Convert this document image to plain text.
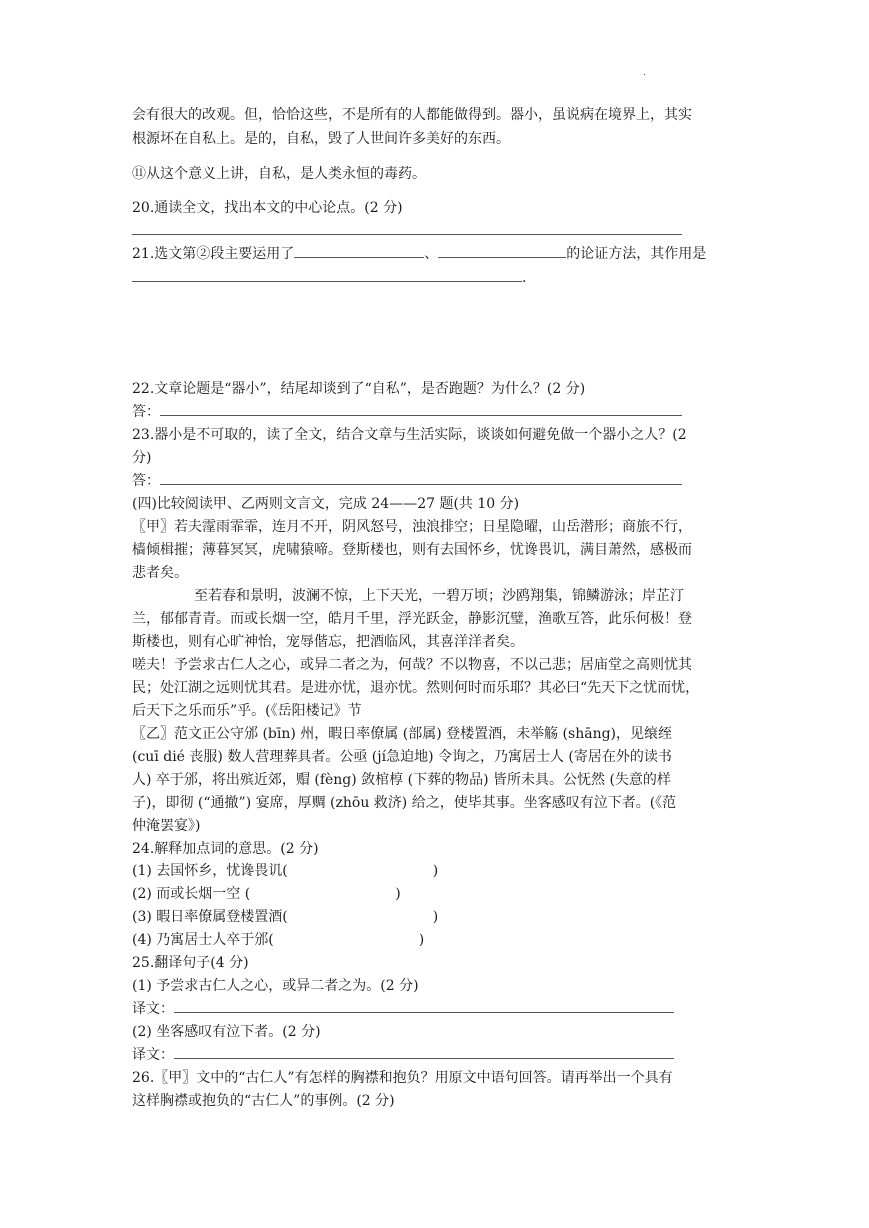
.
会有很大的改观。但，恰恰这些，不是所有的人都能做得到。器小，虽说病在境界上，其实
根源坏在自私上。是的，自私，毁了人世间许多美好的东西。
⑪从这个意义上讲，自私，是人类永恒的毒药。
20.通读全文，找出本文的中心论点。(2 分)
21.选文第②段主要运用了	、	的论证方法，其作用是
.
22.文章论题是“器小”，结尾却谈到了“自私”，是否跑题？为什么？(2 分)
答：
23.器小是不可取的，读了全文，结合文章与生活实际，谈谈如何避免做一个器小之人？(2
分)
答：
(四)比较阅读甲、乙两则文言文，完成 24——27 题(共 10 分)
〖甲〗若夫霪雨霏霏，连月不开，阴风怒号，浊浪排空；日星隐曜，山岳潜形；商旅不行，
樯倾楫摧；薄暮冥冥，虎啸猿啼。登斯楼也，则有去国怀乡，忧谗畏讥，满目萧然，感极而
悲者矣。
至若春和景明，波澜不惊，上下天光，一碧万顷；沙鸥翔集，锦鳞游泳；岸芷汀
兰，郁郁青青。而或长烟一空，皓月千里，浮光跃金，静影沉璧，渔歌互答，此乐何极！登
斯楼也，则有心旷神怡，宠辱偕忘，把酒临风，其喜洋洋者矣。
嗟夫！予尝求古仁人之心，或异二者之为，何哉？不以物喜，不以己悲；居庙堂之高则忧其
民；处江湖之远则忧其君。是进亦忧，退亦忧。然则何时而乐耶？其必曰“先天下之忧而忧，
后天下之乐而乐”乎。(《岳阳楼记》节
〖乙〗范文正公守邠 (bīn) 州，暇日率僚属 (部属) 登楼置酒，未举觞 (shāng)，见缞绖
(cuī dié 丧服) 数人营理葬具者。公亟 (jí急迫地) 令询之，乃寓居士人 (寄居在外的读书
人) 卒于邠，将出殡近郊，赗 (fèng) 敛棺椁 (下葬的物品) 皆所未具。公怃然 (失意的样
子)，即彻 (“通撤”) 宴席，厚赒 (zhōu 救济) 给之，使毕其事。坐客感叹有泣下者。(《范
仲淹罢宴》)
24.解释加点词的意思。(2 分)
(1) 去国怀乡，忧谗畏讥(	)
(2) 而或长烟一空 (	)
(3) 暇日率僚属登楼置酒(	)
(4) 乃寓居士人卒于邠(	)
25.翻译句子(4 分)
(1) 予尝求古仁人之心，或异二者之为。(2 分)
译文：
(2) 坐客感叹有泣下者。(2 分)
译文：
26.〖甲〗文中的“古仁人”有怎样的胸襟和抱负？用原文中语句回答。请再举出一个具有
这样胸襟或抱负的“古仁人”的事例。(2 分)
